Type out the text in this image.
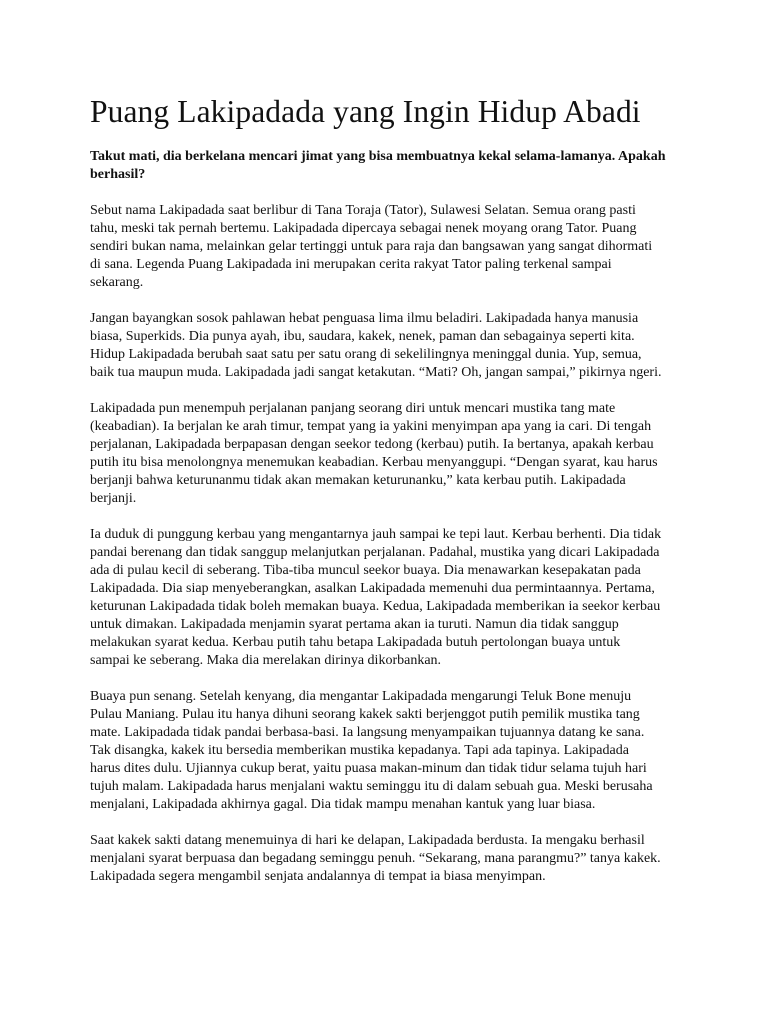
Puang Lakipadada yang Ingin Hidup Abadi

Takut mati, dia berkelana mencari jimat yang bisa membuatnya kekal selama-lamanya. Apakah berhasil?

Sebut nama Lakipadada saat berlibur di Tana Toraja (Tator), Sulawesi Selatan. Semua orang pasti tahu, meski tak pernah bertemu. Lakipadada dipercaya sebagai nenek moyang orang Tator. Puang sendiri bukan nama, melainkan gelar tertinggi untuk para raja dan bangsawan yang sangat dihormati di sana. Legenda Puang Lakipadada ini merupakan cerita rakyat Tator paling terkenal sampai sekarang.

Jangan bayangkan sosok pahlawan hebat penguasa lima ilmu beladiri. Lakipadada hanya manusia biasa, Superkids. Dia punya ayah, ibu, saudara, kakek, nenek, paman dan sebagainya seperti kita. Hidup Lakipadada berubah saat satu per satu orang di sekelilingnya meninggal dunia. Yup, semua, baik tua maupun muda. Lakipadada jadi sangat ketakutan. “Mati? Oh, jangan sampai,” pikirnya ngeri.

Lakipadada pun menempuh perjalanan panjang seorang diri untuk mencari mustika tang mate (keabadian). Ia berjalan ke arah timur, tempat yang ia yakini menyimpan apa yang ia cari. Di tengah perjalanan, Lakipadada berpapasan dengan seekor tedong (kerbau) putih. Ia bertanya, apakah kerbau putih itu bisa menolongnya menemukan keabadian. Kerbau menyanggupi. “Dengan syarat, kau harus berjanji bahwa keturunanmu tidak akan memakan keturunanku,” kata kerbau putih. Lakipadada berjanji.

Ia duduk di punggung kerbau yang mengantarnya jauh sampai ke tepi laut. Kerbau berhenti. Dia tidak pandai berenang dan tidak sanggup melanjutkan perjalanan. Padahal, mustika yang dicari Lakipadada ada di pulau kecil di seberang. Tiba-tiba muncul seekor buaya. Dia menawarkan kesepakatan pada Lakipadada. Dia siap menyeberangkan, asalkan Lakipadada memenuhi dua permintaannya. Pertama, keturunan Lakipadada tidak boleh memakan buaya. Kedua, Lakipadada memberikan ia seekor kerbau untuk dimakan. Lakipadada menjamin syarat pertama akan ia turuti. Namun dia tidak sanggup melakukan syarat kedua. Kerbau putih tahu betapa Lakipadada butuh pertolongan buaya untuk sampai ke seberang. Maka dia merelakan dirinya dikorbankan.

Buaya pun senang. Setelah kenyang, dia mengantar Lakipadada mengarungi Teluk Bone menuju Pulau Maniang. Pulau itu hanya dihuni seorang kakek sakti berjenggot putih pemilik mustika tang mate. Lakipadada tidak pandai berbasa-basi. Ia langsung menyampaikan tujuannya datang ke sana. Tak disangka, kakek itu bersedia memberikan mustika kepadanya. Tapi ada tapinya. Lakipadada harus dites dulu. Ujiannya cukup berat, yaitu puasa makan-minum dan tidak tidur selama tujuh hari tujuh malam. Lakipadada harus menjalani waktu seminggu itu di dalam sebuah gua. Meski berusaha menjalani, Lakipadada akhirnya gagal. Dia tidak mampu menahan kantuk yang luar biasa.

Saat kakek sakti datang menemuinya di hari ke delapan, Lakipadada berdusta. Ia mengaku berhasil menjalani syarat berpuasa dan begadang seminggu penuh. “Sekarang, mana parangmu?” tanya kakek. Lakipadada segera mengambil senjata andalannya di tempat ia biasa menyimpan.
